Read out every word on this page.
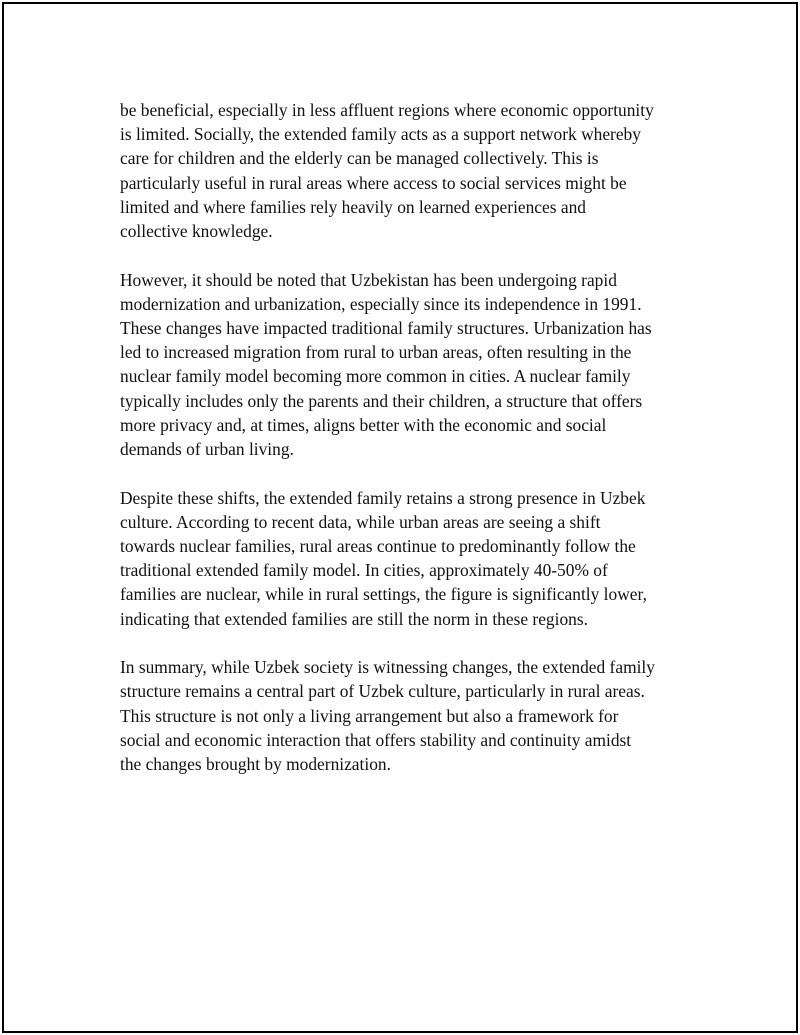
be beneficial, especially in less affluent regions where economic opportunity
is limited. Socially, the extended family acts as a support network whereby
care for children and the elderly can be managed collectively. This is
particularly useful in rural areas where access to social services might be
limited and where families rely heavily on learned experiences and
collective knowledge.

However, it should be noted that Uzbekistan has been undergoing rapid
modernization and urbanization, especially since its independence in 1991.
These changes have impacted traditional family structures. Urbanization has
led to increased migration from rural to urban areas, often resulting in the
nuclear family model becoming more common in cities. A nuclear family
typically includes only the parents and their children, a structure that offers
more privacy and, at times, aligns better with the economic and social
demands of urban living.

Despite these shifts, the extended family retains a strong presence in Uzbek
culture. According to recent data, while urban areas are seeing a shift
towards nuclear families, rural areas continue to predominantly follow the
traditional extended family model. In cities, approximately 40-50% of
families are nuclear, while in rural settings, the figure is significantly lower,
indicating that extended families are still the norm in these regions.

In summary, while Uzbek society is witnessing changes, the extended family
structure remains a central part of Uzbek culture, particularly in rural areas.
This structure is not only a living arrangement but also a framework for
social and economic interaction that offers stability and continuity amidst
the changes brought by modernization.
